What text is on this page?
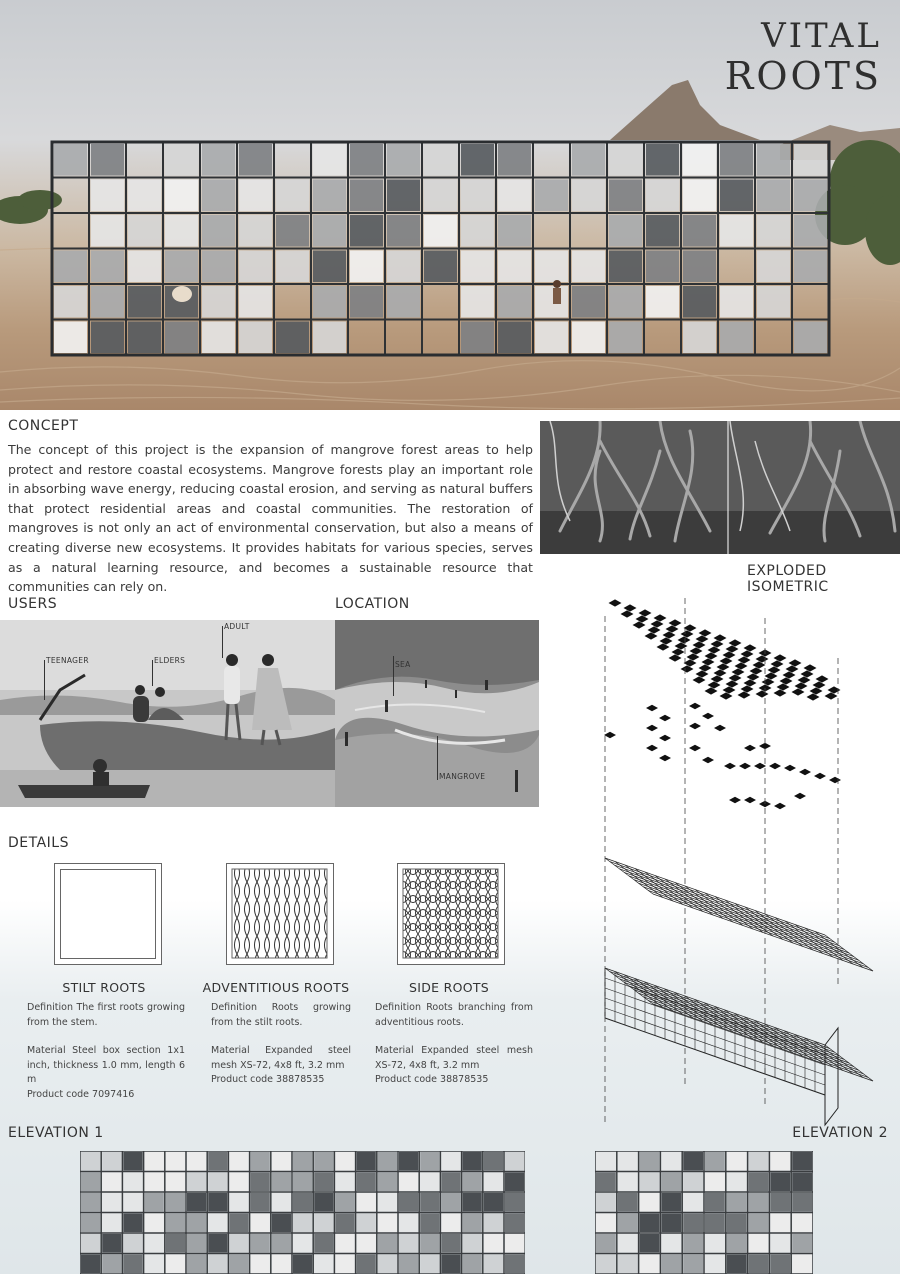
VITAL
ROOTS
CONCEPT
The concept of this project is the expansion of mangrove forest areas to help protect and restore coastal ecosystems. Mangrove forests play an important role in absorbing wave energy, reducing coastal erosion, and serving as natural buffers that protect residential areas and coastal communities. The restoration of mangroves is not only an act of environmental conservation, but also a means of creating diverse new ecosystems. It provides habitats for various species, serves as a natural learning resource, and becomes a sustainable resource that communities can rely on.
USERS
ADULT
TEENAGER	ELDERS
LOCATION
SEA
MANGROVE
EXPLODED ISOMETRIC
DETAILS
STILT ROOTS	ADVENTITIOUS ROOTS	SIDE ROOTS

Definition The first roots growing from the stem.

Material Steel box section 1x1 inch, thickness 1.0 mm, length 6 m

Product code 7097416

Definition Roots growing from the stilt roots.

Material Expanded steel mesh XS-72, 4x8 ft, 3.2 mm

Product code 38878535

Definition Roots branching from adventitious roots.

Material Expanded steel mesh XS-72, 4x8 ft, 3.2 mm

Product code 38878535
ELEVATION 1	ELEVATION 2
